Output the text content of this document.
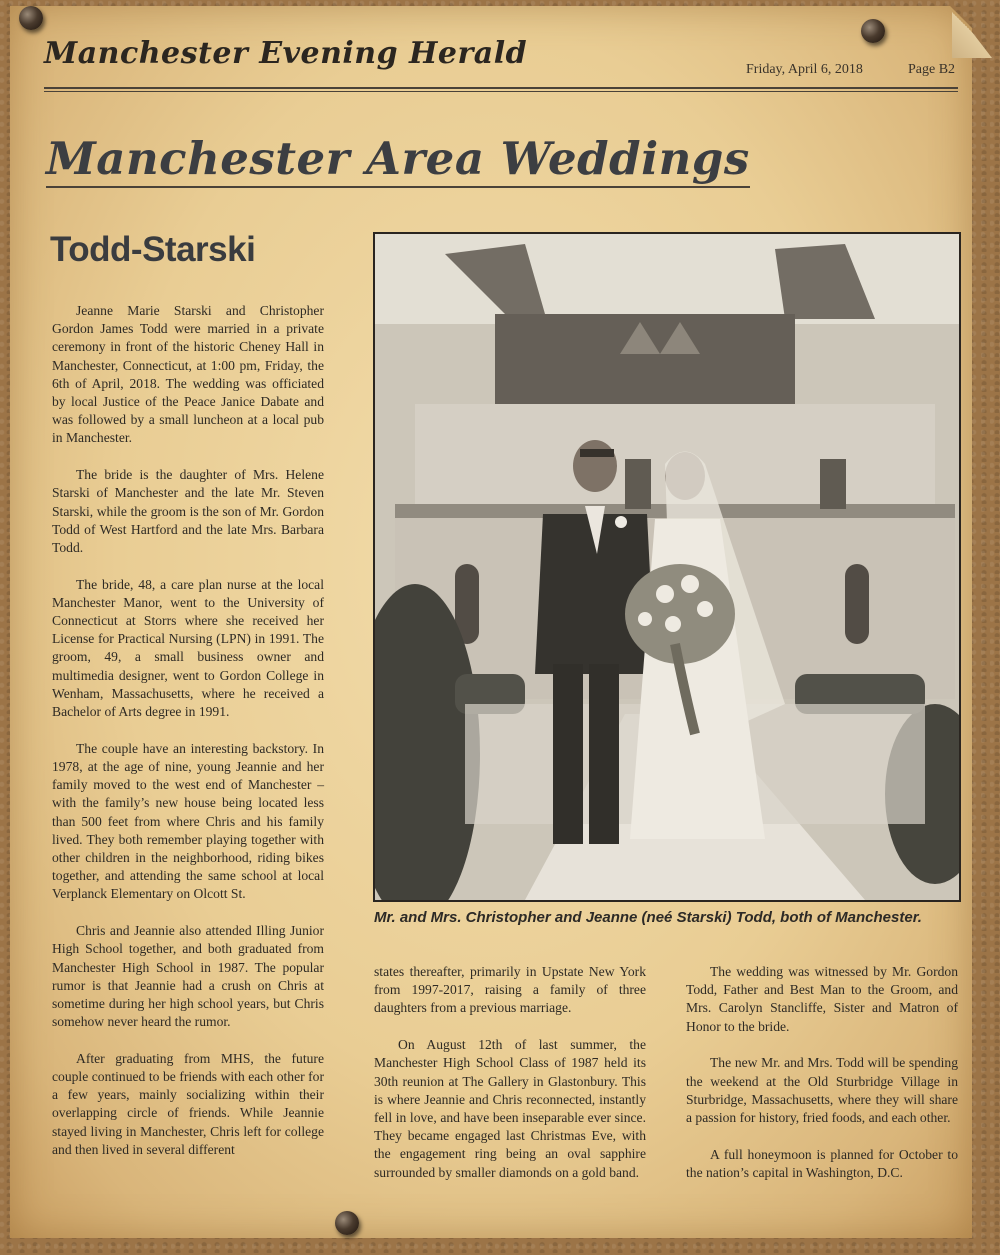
Manchester Evening Herald	Friday, April 6, 2018	Page B2
Manchester Area Weddings
Todd-Starski

Jeanne Marie Starski and Christopher Gordon James Todd were married in a private ceremony in front of the historic Cheney Hall in Manchester, Connecticut, at 1:00 pm, Friday, the 6th of April, 2018. The wedding was officiated by local Justice of the Peace Janice Dabate and was followed by a small luncheon at a local pub in Manchester.

The bride is the daughter of Mrs. Helene Starski of Manchester and the late Mr. Steven Starski, while the groom is the son of Mr. Gordon Todd of West Hartford and the late Mrs. Barbara Todd.

The bride, 48, a care plan nurse at the local Manchester Manor, went to the University of Connecticut at Storrs where she received her License for Practical Nursing (LPN) in 1991. The groom, 49, a small business owner and multimedia designer, went to Gordon College in Wenham, Massachusetts, where he received a Bachelor of Arts degree in 1991.

The couple have an interesting backstory. In 1978, at the age of nine, young Jeannie and her family moved to the west end of Manchester – with the family’s new house being located less than 500 feet from where Chris and his family lived. They both remember playing together with other children in the neighborhood, riding bikes together, and attending the same school at local Verplanck Elementary on Olcott St.

Chris and Jeannie also attended Illing Junior High School together, and both graduated from Manchester High School in 1987. The popular rumor is that Jeannie had a crush on Chris at sometime during her high school years, but Chris somehow never heard the rumor.

After graduating from MHS, the future couple continued to be friends with each other for a few years, mainly socializing within their overlapping circle of friends. While Jeannie stayed living in Manchester, Chris left for college and then lived in several different

Mr. and Mrs. Christopher and Jeanne (neé Starski) Todd, both of Manchester.

states thereafter, primarily in Upstate New York from 1997-2017, raising a family of three daughters from a previous marriage.

On August 12th of last summer, the Manchester High School Class of 1987 held its 30th reunion at The Gallery in Glastonbury. This is where Jeannie and Chris reconnected, instantly fell in love, and have been inseparable ever since. They became engaged last Christmas Eve, with the engagement ring being an oval sapphire surrounded by smaller diamonds on a gold band.

The wedding was witnessed by Mr. Gordon Todd, Father and Best Man to the Groom, and Mrs. Carolyn Stancliffe, Sister and Matron of Honor to the bride.

The new Mr. and Mrs. Todd will be spending the weekend at the Old Sturbridge Village in Sturbridge, Massachusetts, where they will share a passion for history, fried foods, and each other.

A full honeymoon is planned for October to the nation’s capital in Washington, D.C.
